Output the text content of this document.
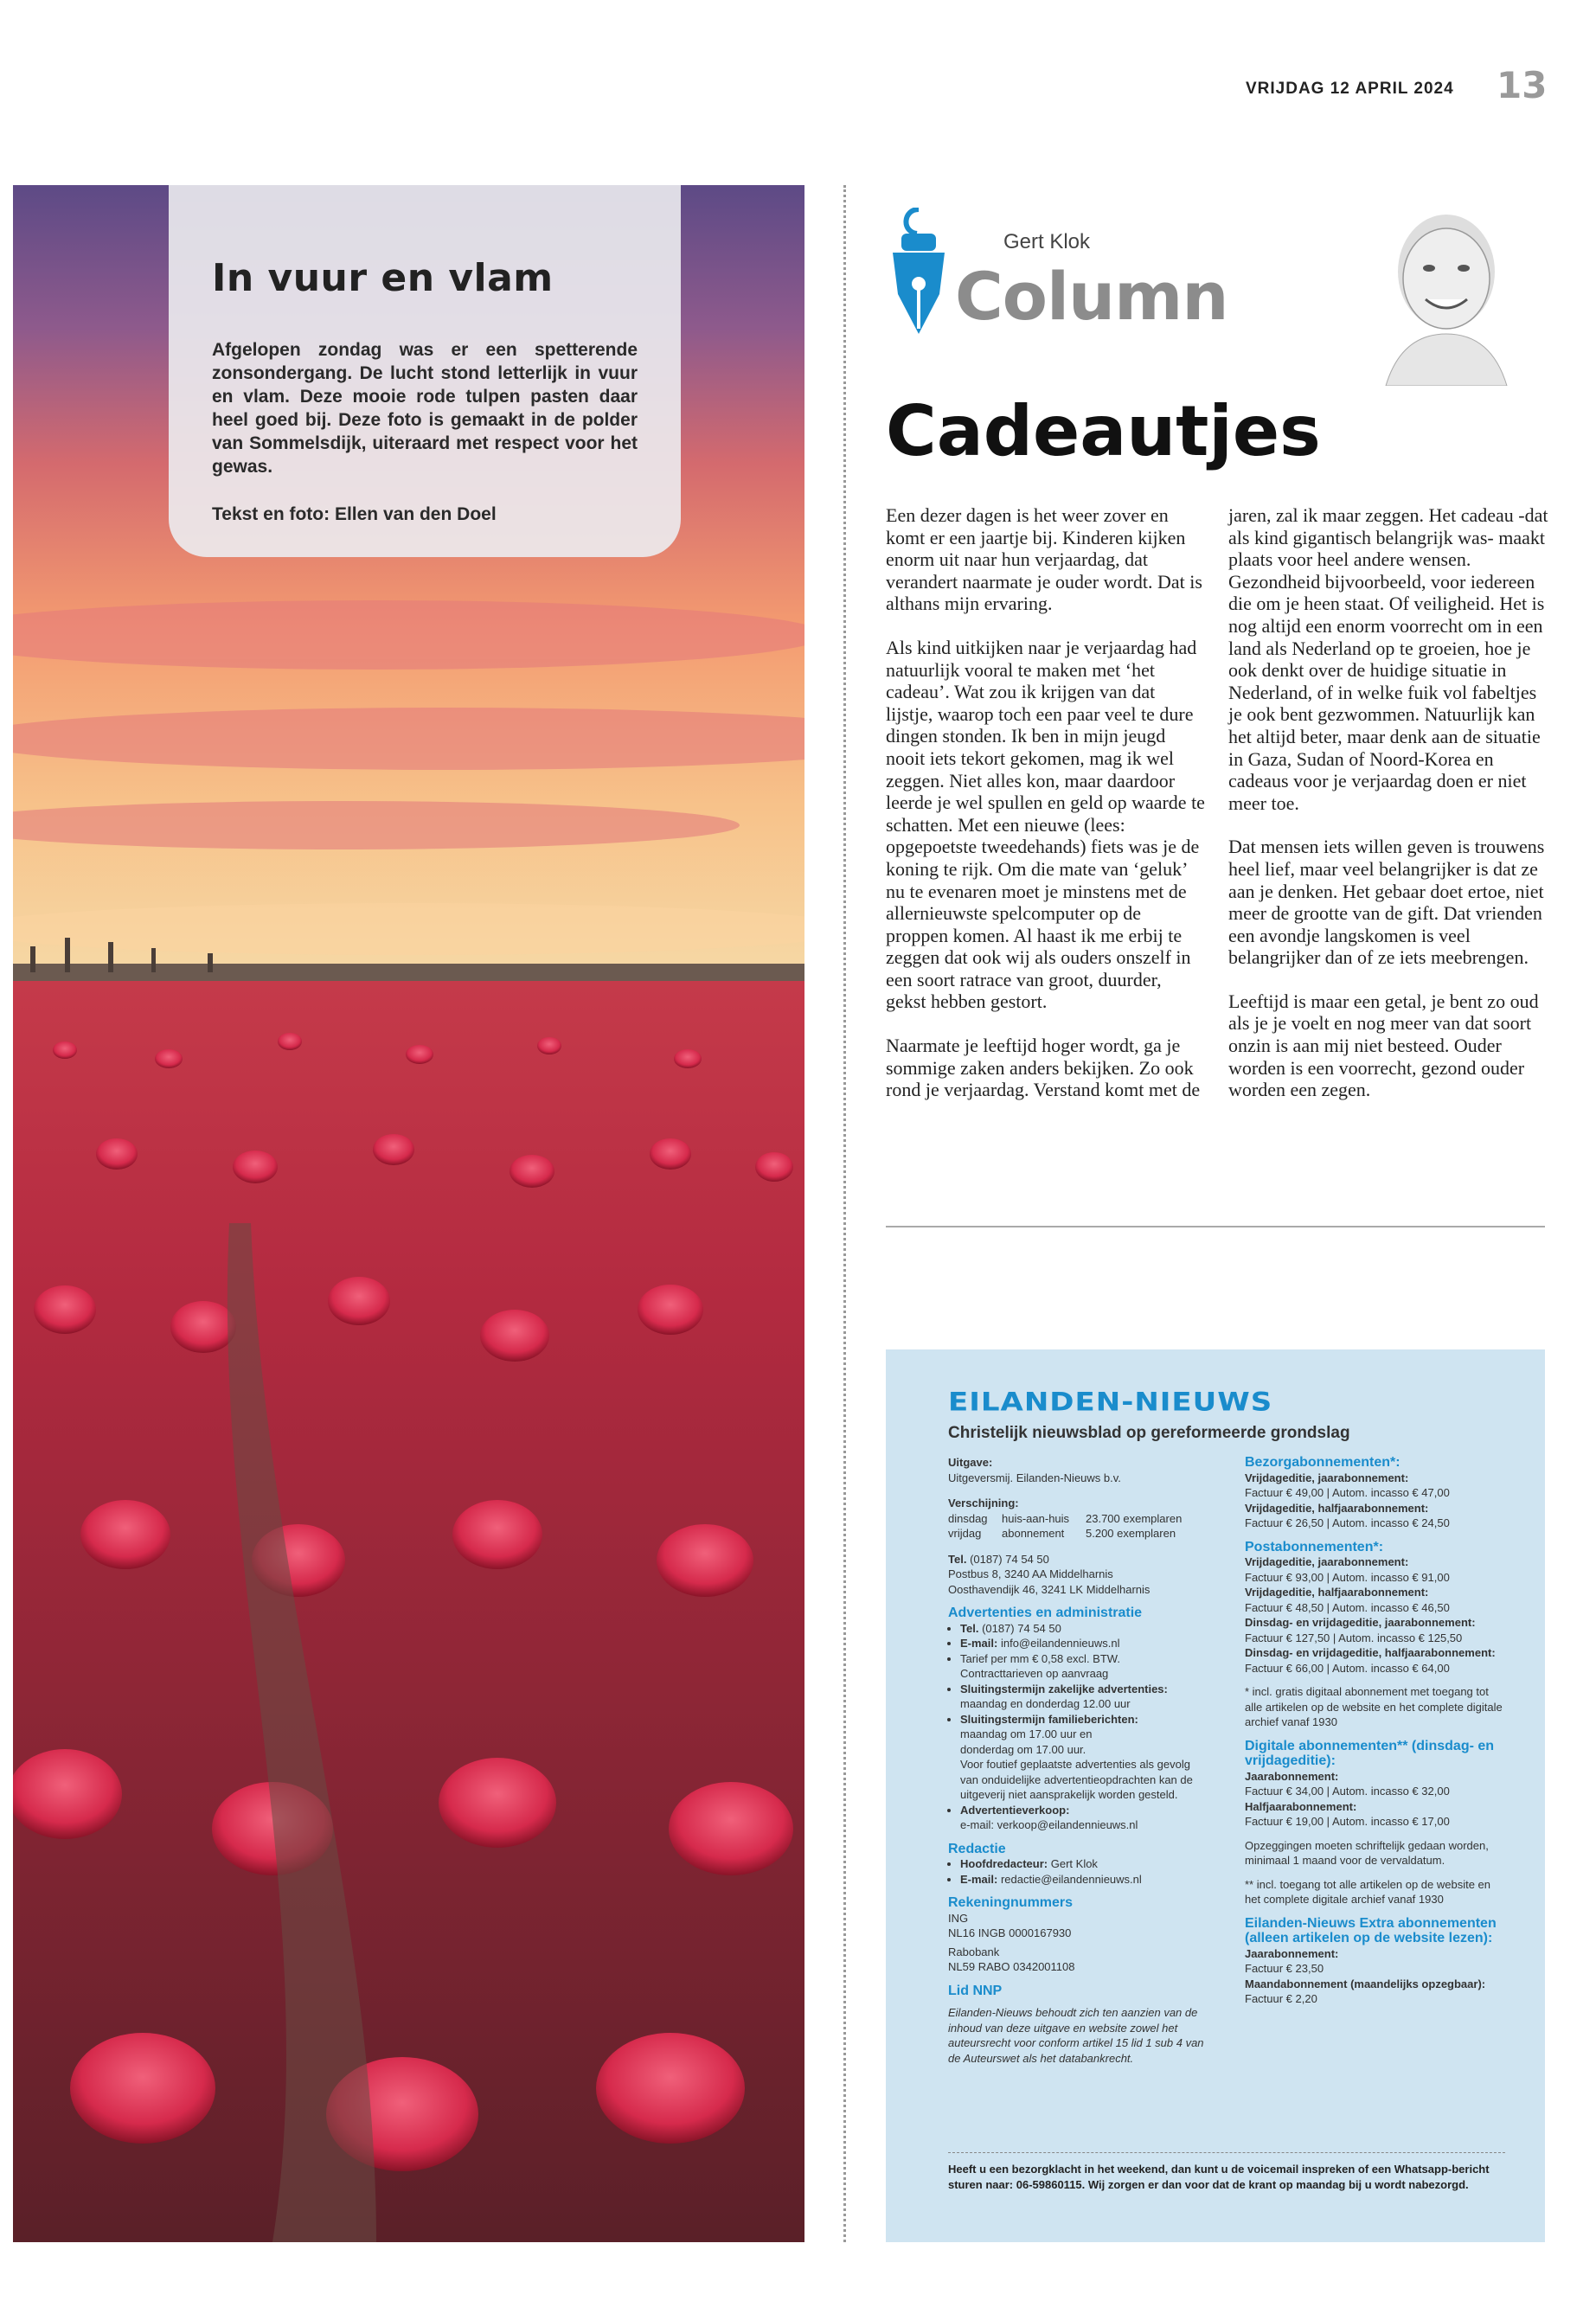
VRIJDAG 12 APRIL 2024 13
In vuur en vlam

Afgelopen zondag was er een spetterende zonsondergang. De lucht stond letterlijk in vuur en vlam. Deze mooie rode tulpen pasten daar heel goed bij. Deze foto is gemaakt in de polder van Sommelsdijk, uiteraard met respect voor het gewas.

Tekst en foto: Ellen van den Doel
Gert Klok
Column
Cadeautjes

Een dezer dagen is het weer zover en komt er een jaartje bij. Kinderen kijken enorm uit naar hun verjaardag, dat verandert naarmate je ouder wordt. Dat is althans mijn ervaring.

Als kind uitkijken naar je verjaardag had natuurlijk vooral te maken met ‘het cadeau’. Wat zou ik krijgen van dat lijstje, waarop toch een paar veel te dure dingen stonden. Ik ben in mijn jeugd nooit iets tekort gekomen, mag ik wel zeggen. Niet alles kon, maar daardoor leerde je wel spullen en geld op waarde te schatten. Met een nieuwe (lees: opgepoetste tweedehands) fiets was je de koning te rijk. Om die mate van ‘geluk’ nu te evenaren moet je minstens met de allernieuwste spelcomputer op de proppen komen. Al haast ik me erbij te zeggen dat ook wij als ouders onszelf in een soort ratrace van groot, duurder, gekst hebben gestort.

Naarmate je leeftijd hoger wordt, ga je sommige zaken anders bekijken. Zo ook rond je verjaardag. Verstand komt met de jaren, zal ik maar zeggen. Het cadeau -dat als kind gigantisch belangrijk was- maakt plaats voor heel andere wensen. Gezondheid bijvoorbeeld, voor iedereen die om je heen staat. Of veiligheid. Het is nog altijd een enorm voorrecht om in een land als Nederland op te groeien, hoe je ook denkt over de huidige situatie in Nederland, of in welke fuik vol fabeltjes je ook bent gezwommen. Natuurlijk kan het altijd beter, maar denk aan de situatie in Gaza, Sudan of Noord-Korea en cadeaus voor je verjaardag doen er niet meer toe.

Dat mensen iets willen geven is trouwens heel lief, maar veel belangrijker is dat ze aan je denken. Het gebaar doet ertoe, niet meer de grootte van de gift. Dat vrienden een avondje langskomen is veel belangrijker dan of ze iets meebrengen.

Leeftijd is maar een getal, je bent zo oud als je je voelt en nog meer van dat soort onzin is aan mij niet besteed. Ouder worden is een voorrecht, gezond ouder worden een zegen.

EILANDEN-NIEUWS
Christelijk nieuwsblad op gereformeerde grondslag
Uitgave:
Uitgeversmij. Eilanden-Nieuws b.v.
Verschijning:
dinsdag	huis-aan-huis	23.700 exemplaren
vrijdag	abonnement	5.200 exemplaren
Tel. (0187) 74 54 50
Postbus 8, 3240 AA Middelharnis
Oosthavendijk 46, 3241 LK Middelharnis
Advertenties en administratie
• Tel. (0187) 74 54 50
• E-mail: info@eilandennieuws.nl
• Tarief per mm € 0,58 excl. BTW.
Contracttarieven op aanvraag
• Sluitingstermijn zakelijke advertenties:
maandag en donderdag 12.00 uur
• Sluitingstermijn familieberichten:
maandag om 17.00 uur en
donderdag om 17.00 uur.
Voor foutief geplaatste advertenties als gevolg van onduidelijke advertentieopdrachten kan de uitgeverij niet aansprakelijk worden gesteld.
• Advertentieverkoop:
e-mail: verkoop@eilandennieuws.nl
Redactie
• Hoofdredacteur: Gert Klok
• E-mail: redactie@eilandennieuws.nl
Rekeningnummers
ING
NL16 INGB 0000167930
Rabobank
NL59 RABO 0342001108
Lid NNP
Eilanden-Nieuws behoudt zich ten aanzien van de inhoud van deze uitgave en website zowel het auteursrecht voor conform artikel 15 lid 1 sub 4 van de Auteurswet als het databankrecht.
Bezorgabonnementen*:
Vrijdageditie, jaarabonnement:
Factuur € 49,00 | Autom. incasso € 47,00
Vrijdageditie, halfjaarabonnement:
Factuur € 26,50 | Autom. incasso € 24,50
Postabonnementen*:
Vrijdageditie, jaarabonnement:
Factuur € 93,00 | Autom. incasso € 91,00
Vrijdageditie, halfjaarabonnement:
Factuur € 48,50 | Autom. incasso € 46,50
Dinsdag- en vrijdageditie, jaarabonnement:
Factuur € 127,50 | Autom. incasso € 125,50
Dinsdag- en vrijdageditie, halfjaarabonnement:
Factuur € 66,00 | Autom. incasso € 64,00
* incl. gratis digitaal abonnement met toegang tot alle artikelen op de website en het complete digitale archief vanaf 1930
Digitale abonnementen** (dinsdag- en vrijdageditie):
Jaarabonnement:
Factuur € 34,00 | Autom. incasso € 32,00
Halfjaarabonnement:
Factuur € 19,00 | Autom. incasso € 17,00
Opzeggingen moeten schriftelijk gedaan worden, minimaal 1 maand voor de vervaldatum.
** incl. toegang tot alle artikelen op de website en het complete digitale archief vanaf 1930
Eilanden-Nieuws Extra abonnementen (alleen artikelen op de website lezen):
Jaarabonnement:
Factuur € 23,50
Maandabonnement (maandelijks opzegbaar):
Factuur € 2,20
Heeft u een bezorgklacht in het weekend, dan kunt u de voicemail inspreken of een Whatsapp-bericht sturen naar: 06-59860115. Wij zorgen er dan voor dat de krant op maandag bij u wordt nabezorgd.
